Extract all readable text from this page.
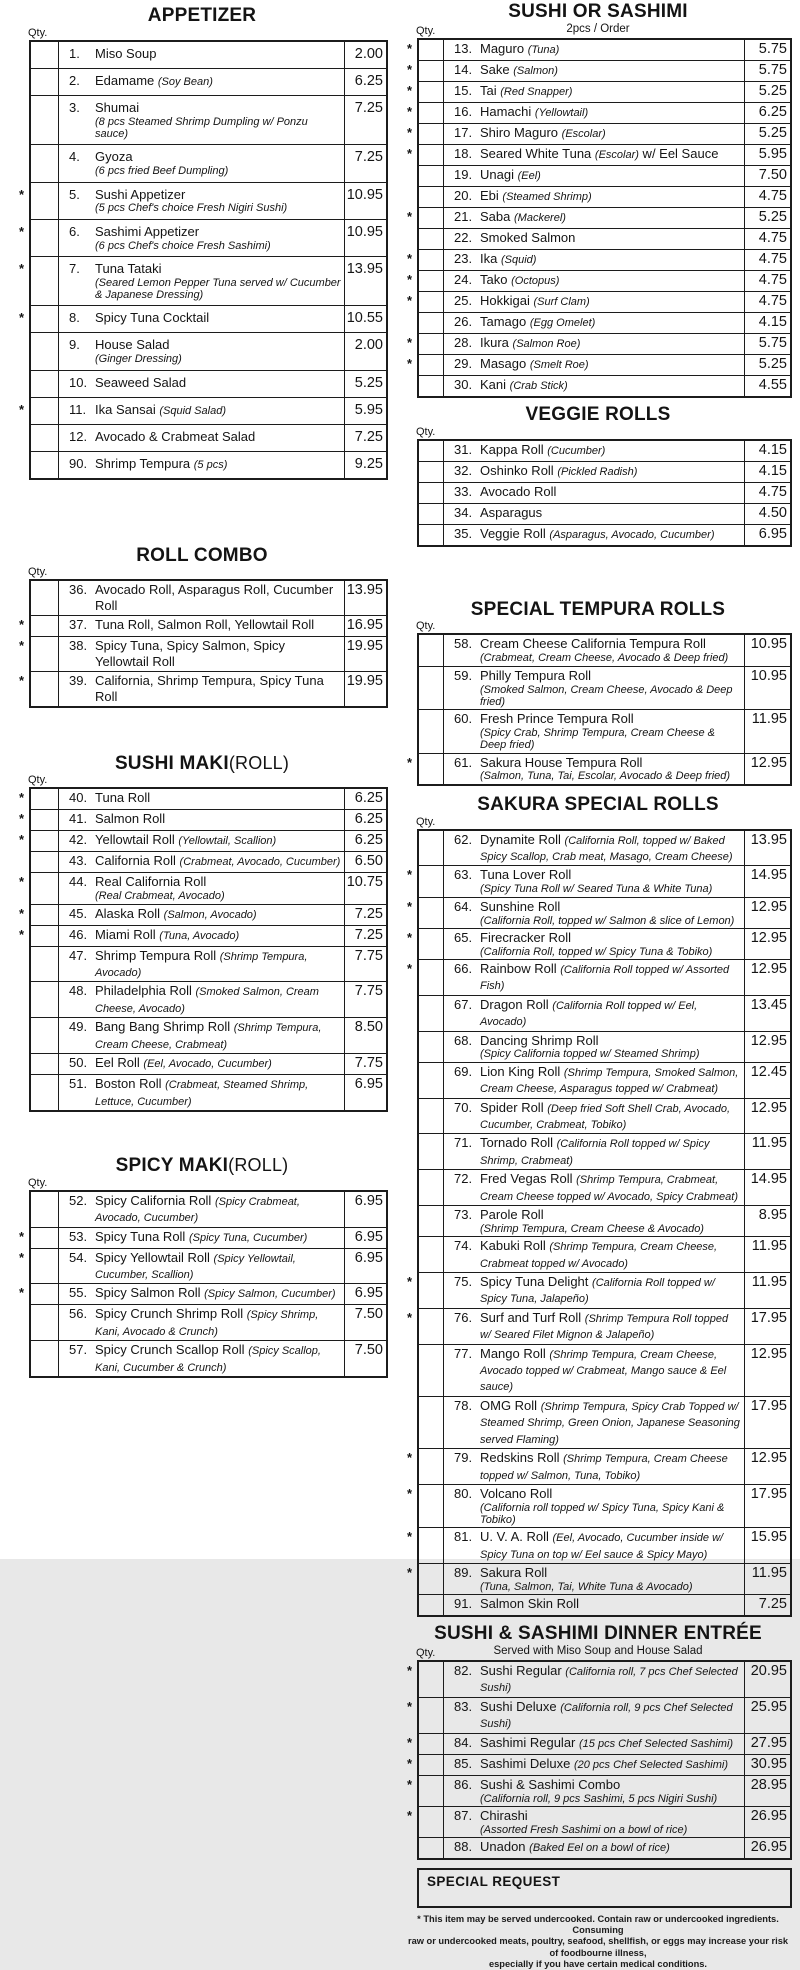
APPETIZER
Qty.
1. Miso Soup	2.00
2. Edamame (Soy Bean)	6.25
3. Shumai
(8 pcs Steamed Shrimp Dumpling w/ Ponzu sauce)
7.25
4. Gyoza
(6 pcs fried Beef Dumpling)
7.25
*	5. Sushi Appetizer
(5 pcs Chef's choice Fresh Nigiri Sushi)
10.95
*	6. Sashimi Appetizer
(6 pcs Chef's choice Fresh Sashimi)
10.95
*	7. Tuna Tataki
(Seared Lemon Pepper Tuna served w/ Cucumber & Japanese Dressing)
13.95
*	8. Spicy Tuna Cocktail	10.55
9. House Salad
(Ginger Dressing)
2.00
10. Seaweed Salad	5.25
*	11. Ika Sansai (Squid Salad)	5.95
12. Avocado & Crabmeat Salad	7.25
90. Shrimp Tempura (5 pcs)	9.25
ROLL COMBO
Qty.
36. Avocado Roll, Asparagus Roll, Cucumber Roll
13.95
*	37. Tuna Roll, Salmon Roll, Yellowtail Roll	16.95
*	38. Spicy Tuna, Spicy Salmon, Spicy Yellowtail Roll
19.95
*	39. California, Shrimp Tempura, Spicy Tuna Roll
19.95
SUSHI MAKI(ROLL)
Qty.
*	40. Tuna Roll	6.25
*	41. Salmon Roll	6.25
*	42. Yellowtail Roll (Yellowtail, Scallion)	6.25
43. California Roll (Crabmeat, Avocado, Cucumber) 6.50
*	44. Real California Roll
(Real Crabmeat, Avocado)
10.75
*	45. Alaska Roll (Salmon, Avocado)	7.25
*	46. Miami Roll (Tuna, Avocado)	7.25
47. Shrimp Tempura Roll (Shrimp Tempura, Avocado)
7.75
48. Philadelphia Roll (Smoked Salmon, Cream Cheese, Avocado)
7.75
49. Bang Bang Shrimp Roll (Shrimp Tempura, Cream Cheese, Crabmeat)
8.50
50. Eel Roll (Eel, Avocado, Cucumber)	7.75
51. Boston Roll (Crabmeat, Steamed Shrimp, Lettuce, Cucumber)
6.95
SPICY MAKI(ROLL)
Qty.
52. Spicy California Roll (Spicy Crabmeat, Avocado, Cucumber)
6.95
*	53. Spicy Tuna Roll (Spicy Tuna, Cucumber)	6.95
*	54. Spicy Yellowtail Roll (Spicy Yellowtail, Cucumber, Scallion)
6.95
*	55. Spicy Salmon Roll (Spicy Salmon, Cucumber)	6.95
56. Spicy Crunch Shrimp Roll (Spicy Shrimp, Kani, Avocado & Crunch)
7.50
57. Spicy Crunch Scallop Roll (Spicy Scallop, Kani, Cucumber & Crunch)
7.50
SUSHI OR SASHIMI
2pcs / Order
Qty.
*	13. Maguro (Tuna)	5.75
*	14. Sake (Salmon)	5.75
*	15. Tai (Red Snapper)	5.25
*	16. Hamachi (Yellowtail)	6.25
*	17. Shiro Maguro (Escolar)	5.25
*	18. Seared White Tuna (Escolar) w/ Eel Sauce	5.95
19. Unagi (Eel)	7.50
20. Ebi (Steamed Shrimp)	4.75
*	21. Saba (Mackerel)	5.25
22. Smoked Salmon	4.75
*	23. Ika (Squid)	4.75
*	24. Tako (Octopus)	4.75
*	25. Hokkigai (Surf Clam)	4.75
26. Tamago (Egg Omelet)	4.15
*	28. Ikura (Salmon Roe)	5.75
*	29. Masago (Smelt Roe)	5.25
30. Kani (Crab Stick)	4.55
VEGGIE ROLLS
Qty.
31. Kappa Roll (Cucumber)	4.15
32. Oshinko Roll (Pickled Radish)	4.15
33. Avocado Roll	4.75
34. Asparagus	4.50
35. Veggie Roll (Asparagus, Avocado, Cucumber)	6.95
SPECIAL TEMPURA ROLLS
Qty.
58. Cream Cheese California Tempura Roll
(Crabmeat, Cream Cheese, Avocado & Deep fried)
10.95
59. Philly Tempura Roll
(Smoked Salmon, Cream Cheese, Avocado & Deep fried)
10.95
60. Fresh Prince Tempura Roll
(Spicy Crab, Shrimp Tempura, Cream Cheese & Deep fried)
11.95
*	61. Sakura House Tempura Roll
(Salmon, Tuna, Tai, Escolar, Avocado & Deep fried)
12.95
SAKURA SPECIAL ROLLS
Qty.
62. Dynamite Roll (California Roll, topped w/ Baked Spicy Scallop, Crab meat, Masago, Cream Cheese)
13.95
*	63. Tuna Lover Roll
(Spicy Tuna Roll w/ Seared Tuna & White Tuna)
14.95
*	64. Sunshine Roll
(California Roll, topped w/ Salmon & slice of Lemon)
12.95
*	65. Firecracker Roll
(California Roll, topped w/ Spicy Tuna & Tobiko)
12.95
*	66. Rainbow Roll (California Roll topped w/ Assorted Fish)
12.95
67. Dragon Roll (California Roll topped w/ Eel, Avocado)
13.45
68. Dancing Shrimp Roll
(Spicy California topped w/ Steamed Shrimp)
12.95
69. Lion King Roll (Shrimp Tempura, Smoked Salmon, Cream Cheese, Asparagus topped w/ Crabmeat)
12.45
70. Spider Roll (Deep fried Soft Shell Crab, Avocado, Cucumber, Crabmeat, Tobiko)
12.95
71. Tornado Roll (California Roll topped w/ Spicy Shrimp, Crabmeat)
11.95
72. Fred Vegas Roll (Shrimp Tempura, Crabmeat, Cream Cheese topped w/ Avocado, Spicy Crabmeat)
14.95
73. Parole Roll
(Shrimp Tempura, Cream Cheese & Avocado)
8.95
74. Kabuki Roll (Shrimp Tempura, Cream Cheese, Crabmeat topped w/ Avocado)
11.95
*	75. Spicy Tuna Delight (California Roll topped w/ Spicy Tuna, Jalapeño)
11.95
*	76. Surf and Turf Roll (Shrimp Tempura Roll topped w/ Seared Filet Mignon & Jalapeño)
17.95
77. Mango Roll (Shrimp Tempura, Cream Cheese, Avocado topped w/ Crabmeat, Mango sauce & Eel sauce)
12.95
78. OMG Roll (Shrimp Tempura, Spicy Crab Topped w/ Steamed Shrimp, Green Onion, Japanese Seasoning served Flaming)
17.95
*	79. Redskins Roll (Shrimp Tempura, Cream Cheese topped w/ Salmon, Tuna, Tobiko)
12.95
*	80. Volcano Roll
(California roll topped w/ Spicy Tuna, Spicy Kani & Tobiko)
17.95
*	81. U. V. A. Roll (Eel, Avocado, Cucumber inside w/ Spicy Tuna on top w/ Eel sauce & Spicy Mayo)
15.95
*	89. Sakura Roll
(Tuna, Salmon, Tai, White Tuna & Avocado)
11.95
91. Salmon Skin Roll	7.25
SUSHI & SASHIMI DINNER ENTRÉE
Served with Miso Soup and House Salad
Qty.
*	82. Sushi Regular (California roll, 7 pcs Chef Selected Sushi)
20.95
*	83. Sushi Deluxe (California roll, 9 pcs Chef Selected Sushi)
25.95
*	84. Sashimi Regular (15 pcs Chef Selected Sashimi)	27.95
*	85. Sashimi Deluxe (20 pcs Chef Selected Sashimi)	30.95
*	86. Sushi & Sashimi Combo
(California roll, 9 pcs Sashimi, 5 pcs Nigiri Sushi)
28.95
*	87. Chirashi
(Assorted Fresh Sashimi on a bowl of rice)
26.95
88. Unadon (Baked Eel on a bowl of rice)	26.95
SPECIAL REQUEST
* This item may be served undercooked. Contain raw or undercooked ingredients. Consuming
raw or undercooked meats, poultry, seafood, shellfish, or eggs may increase your risk of foodbourne illness,
especially if you have certain medical conditions.
